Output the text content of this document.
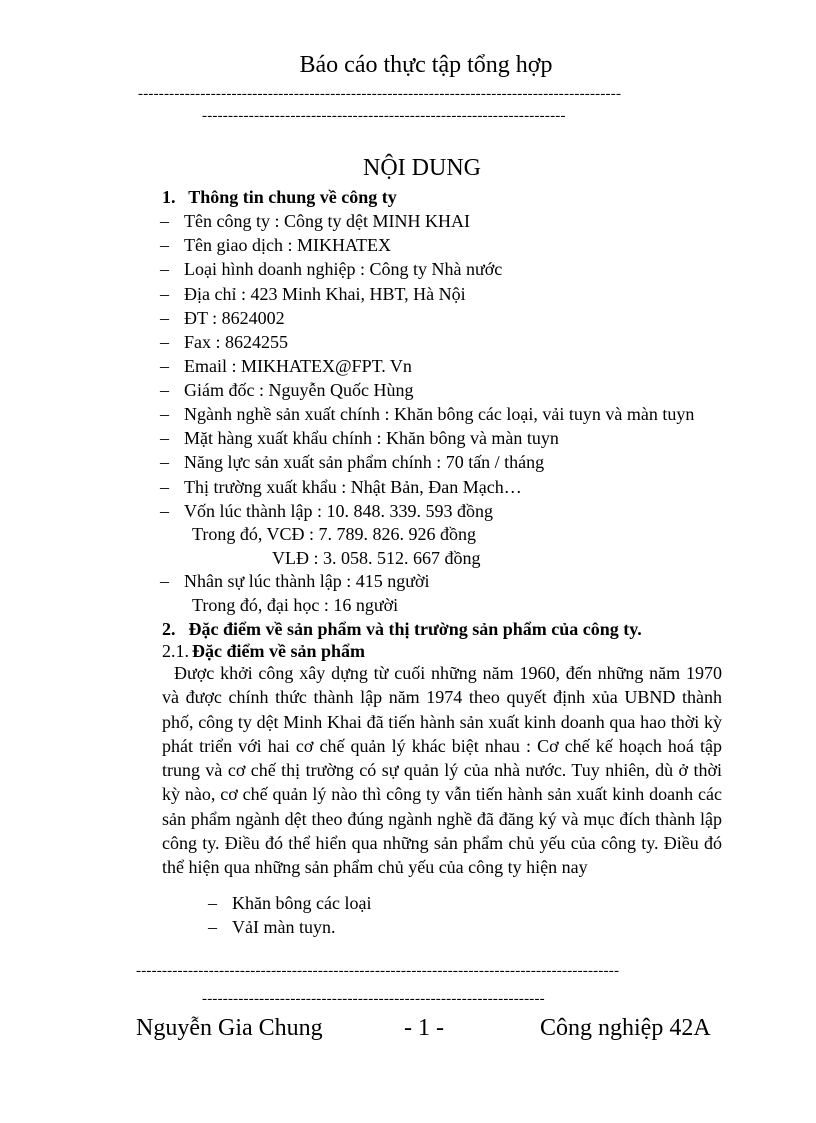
Báo cáo thực tập tổng hợp
---------------------------------------------------------------------------------------------
----------------------------------------------------------------------
NỘI DUNG
1. Thông tin chung về công ty
– Tên công ty : Công ty dệt MINH KHAI
– Tên giao dịch : MIKHATEX
– Loại hình doanh nghiệp : Công ty Nhà nước
– Địa chỉ : 423 Minh Khai, HBT, Hà Nội
– ĐT : 8624002
– Fax : 8624255
– Email : MIKHATEX@FPT. Vn
– Giám đốc : Nguyễn Quốc Hùng
– Ngành nghề sản xuất chính : Khăn bông các loại, vải tuyn và màn tuyn
– Mặt hàng xuất khẩu chính : Khăn bông và màn tuyn
– Năng lực sản xuất sản phẩm chính : 70 tấn / tháng
– Thị trường xuất khẩu : Nhật Bản, Đan Mạch…
– Vốn lúc thành lập : 10. 848. 339. 593 đồng
Trong đó, VCĐ : 7. 789. 826. 926 đồng
VLĐ : 3. 058. 512. 667 đồng
– Nhân sự lúc thành lập : 415 người
Trong đó, đại học : 16 người
2. Đặc điểm về sản phẩm và thị trường sản phẩm của công ty.
2.1. Đặc điểm về sản phẩm

Được khởi công xây dựng từ cuối những năm 1960, đến những năm 1970 và được chính thức thành lập năm 1974 theo quyết định xủa UBND thành phố, công ty dệt Minh Khai đã tiến hành sản xuất kinh doanh qua hao thời kỳ phát triển với hai cơ chế quản lý khác biệt nhau : Cơ chế kế hoạch hoá tập trung và cơ chế thị trường có sự quản lý của nhà nước. Tuy nhiên, dù ở thời kỳ nào, cơ chế quản lý nào thì công ty vẫn tiến hành sản xuất kinh doanh các sản phẩm ngành dệt theo đúng ngành nghề đã đăng ký và mục đích thành lập công ty. Điều đó thể hiển qua những sản phẩm chủ yếu của công ty. Điều đó thể hiện qua những sản phẩm chủ yếu của công ty hiện nay

– Khăn bông các loại
– VảI màn tuyn.
---------------------------------------------------------------------------------------------
------------------------------------------------------------------
Nguyễn Gia Chung	- 1 -	Công nghiệp 42A
